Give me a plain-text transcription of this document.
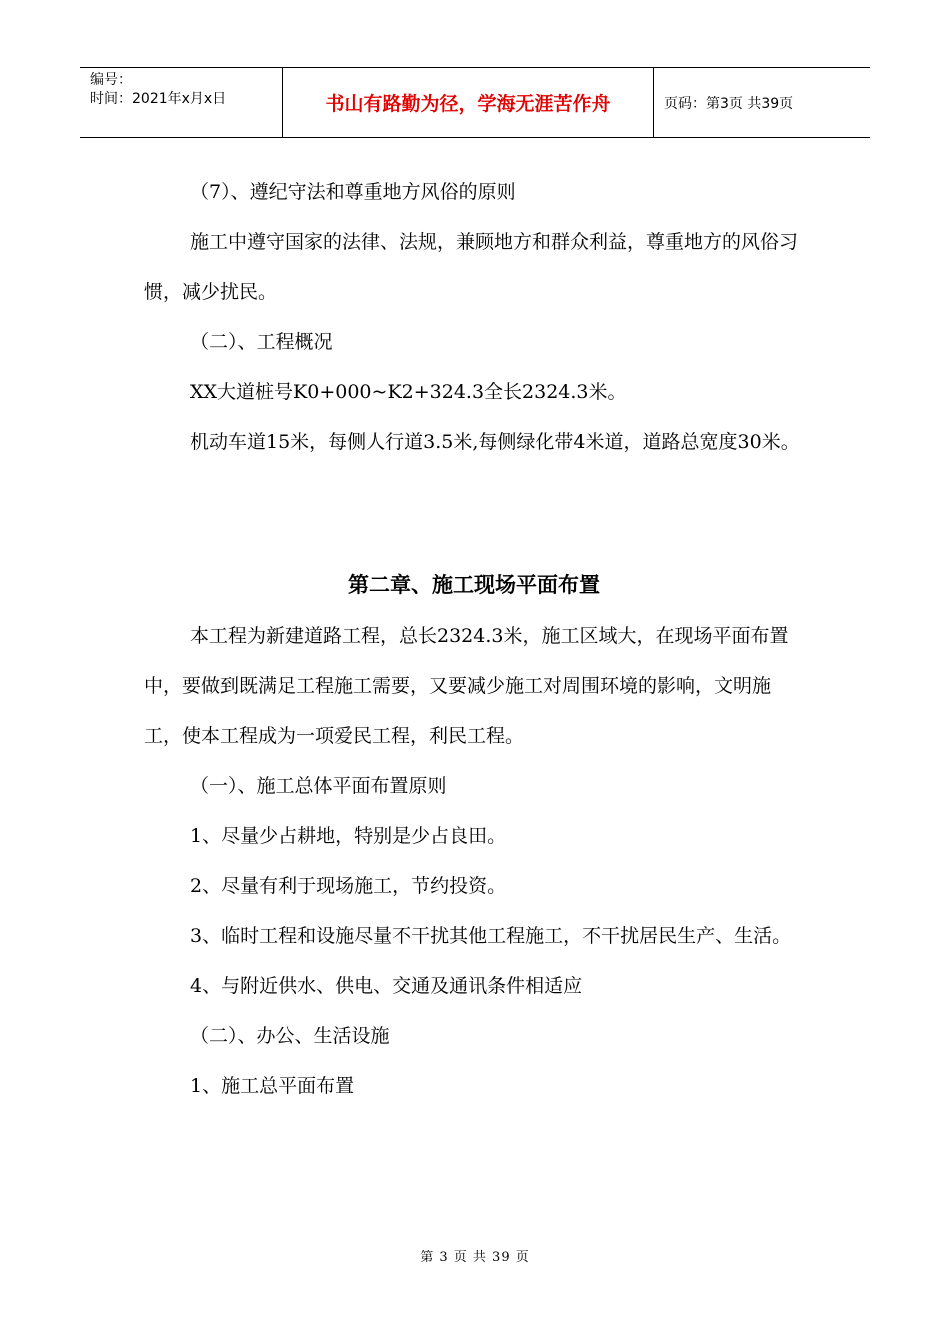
编号：
时间：2021年x月x日	书山有路勤为径，学海无涯苦作舟	页码：第3页 共39页

（7）、遵纪守法和尊重地方风俗的原则

施工中遵守国家的法律、法规，兼顾地方和群众利益，尊重地方的风俗习惯，减少扰民。

（二）、工程概况

XX大道桩号K0+000~K2+324.3全长2324.3米。

机动车道15米，每侧人行道3.5米,每侧绿化带4米道，道路总宽度30米。

第二章、施工现场平面布置

本工程为新建道路工程，总长2324.3米，施工区域大，在现场平面布置中，要做到既满足工程施工需要，又要减少施工对周围环境的影响，文明施工，使本工程成为一项爱民工程，利民工程。

（一）、施工总体平面布置原则

1、尽量少占耕地，特别是少占良田。

2、尽量有利于现场施工，节约投资。

3、临时工程和设施尽量不干扰其他工程施工，不干扰居民生产、生活。

4、与附近供水、供电、交通及通讯条件相适应

（二）、办公、生活设施

1、施工总平面布置

第 3 页 共 39 页
